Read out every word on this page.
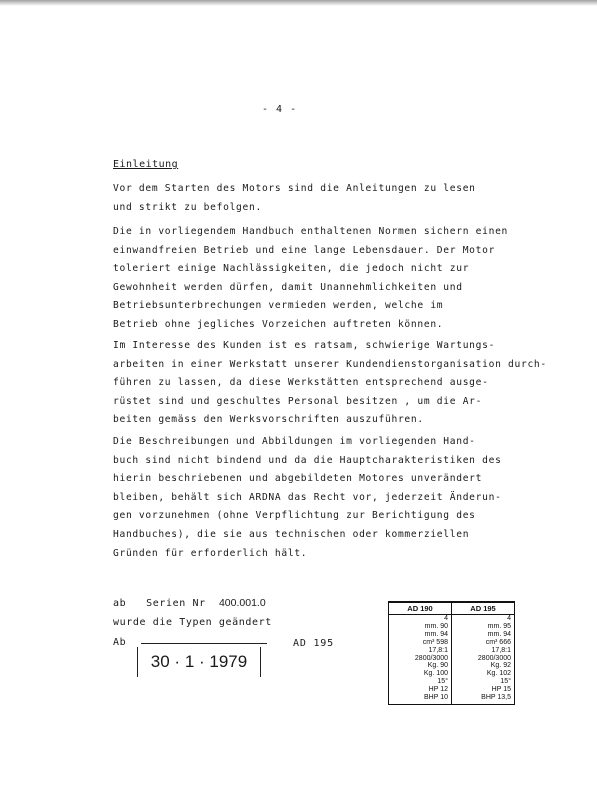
- 4 -
Einleitung
Vor dem Starten des Motors sind die Anleitungen zu lesen
und strikt zu befolgen.
Die in vorliegendem Handbuch enthaltenen Normen sichern einen
einwandfreien Betrieb und eine lange Lebensdauer. Der Motor
toleriert einige Nachlässigkeiten, die jedoch nicht zur
Gewohnheit werden dürfen, damit Unannehmlichkeiten und
Betriebsunterbrechungen vermieden werden, welche im
Betrieb ohne jegliches Vorzeichen auftreten können.
Im Interesse des Kunden ist es ratsam, schwierige Wartungs-
arbeiten in einer Werkstatt unserer Kundendienstorganisation durch-
führen zu lassen, da diese Werkstätten entsprechend ausge-
rüstet sind und geschultes Personal besitzen , um die Ar-
beiten gemäss den Werksvorschriften auszuführen.
Die Beschreibungen und Abbildungen im vorliegenden Hand-
buch sind nicht bindend und da die Hauptcharakteristiken des
hierin beschriebenen und abgebildeten Motores unverändert
bleiben, behält sich ARDNA das Recht vor, jederzeit Änderun-
gen vorzunehmen (ohne Verpflichtung zur Berichtigung des
Handbuches), die sie aus technischen oder kommerziellen
Gründen für erforderlich hält.
ab Serien Nr 400.001.0
wurde die Typen geändert
Ab
30 · 1 · 1979
AD 195
AD 190	AD 195
4	4
mm. 90	mm. 95
mm. 94	mm. 94
cm³ 598	cm³ 666
17,8:1	17,8:1
2800/3000	2800/3000
Kg. 90	Kg. 92
Kg. 100	Kg. 102
15°	15°
HP 12	HP 15
BHP 10	BHP 13,5
